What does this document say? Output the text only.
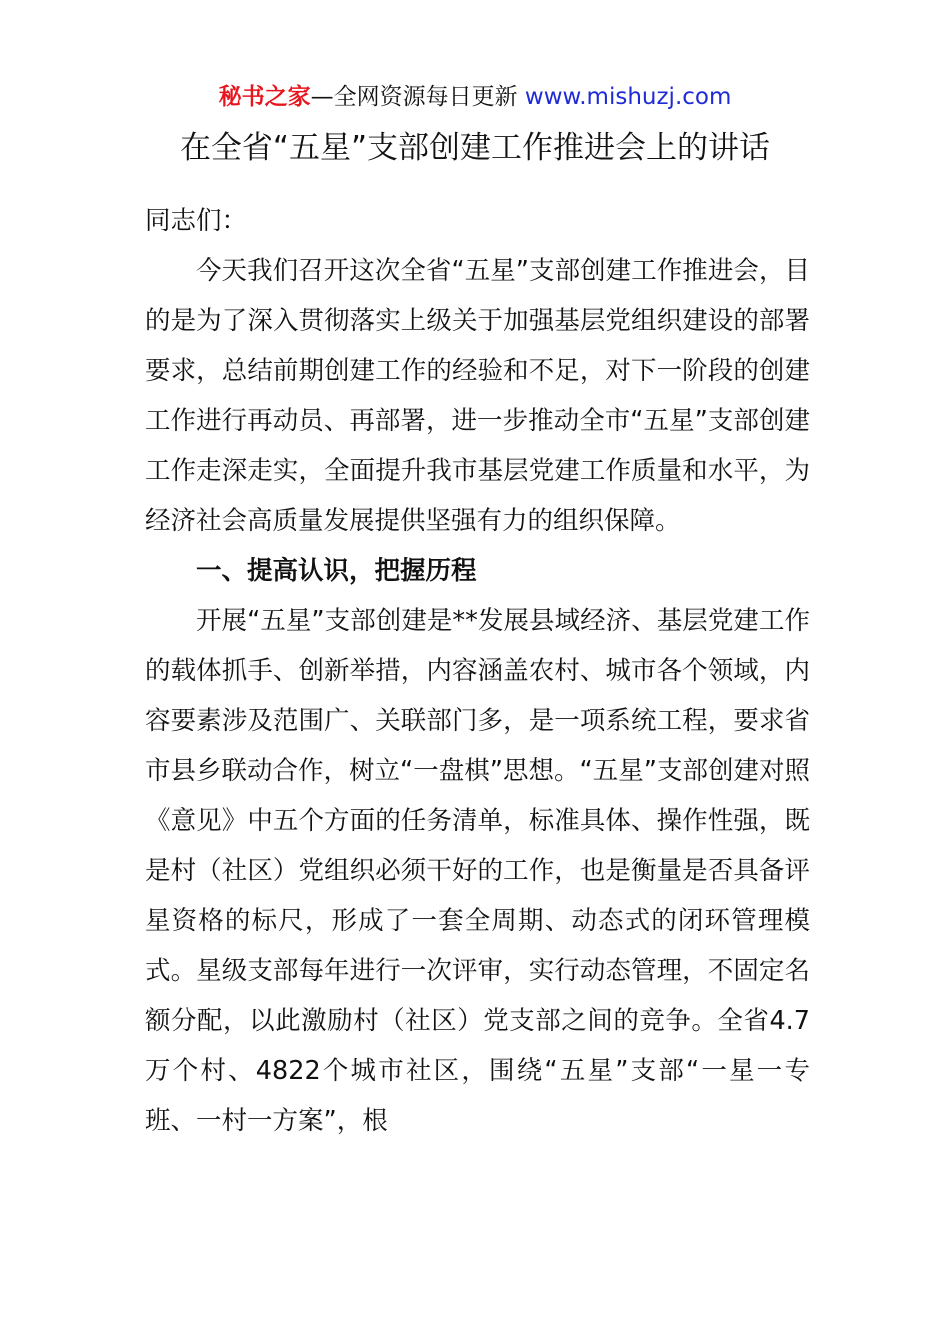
秘书之家—全网资源每日更新 www.mishuzj.com
在全省“五星”支部创建工作推进会上的讲话

同志们：

今天我们召开这次全省“五星”支部创建工作推进会，目的是为了深入贯彻落实上级关于加强基层党组织建设的部署要求，总结前期创建工作的经验和不足，对下一阶段的创建工作进行再动员、再部署，进一步推动全市“五星”支部创建工作走深走实，全面提升我市基层党建工作质量和水平，为经济社会高质量发展提供坚强有力的组织保障。

一、提高认识，把握历程

开展“五星”支部创建是**发展县域经济、基层党建工作的载体抓手、创新举措，内容涵盖农村、城市各个领域，内容要素涉及范围广、关联部门多，是一项系统工程，要求省市县乡联动合作，树立“一盘棋”思想。“五星”支部创建对照《意见》中五个方面的任务清单，标准具体、操作性强，既是村（社区）党组织必须干好的工作，也是衡量是否具备评星资格的标尺，形成了一套全周期、动态式的闭环管理模式。星级支部每年进行一次评审，实行动态管理，不固定名额分配，以此激励村（社区）党支部之间的竞争。全省4.7万个村、4822个城市社区，围绕“五星”支部“一星一专班、一村一方案”，根
